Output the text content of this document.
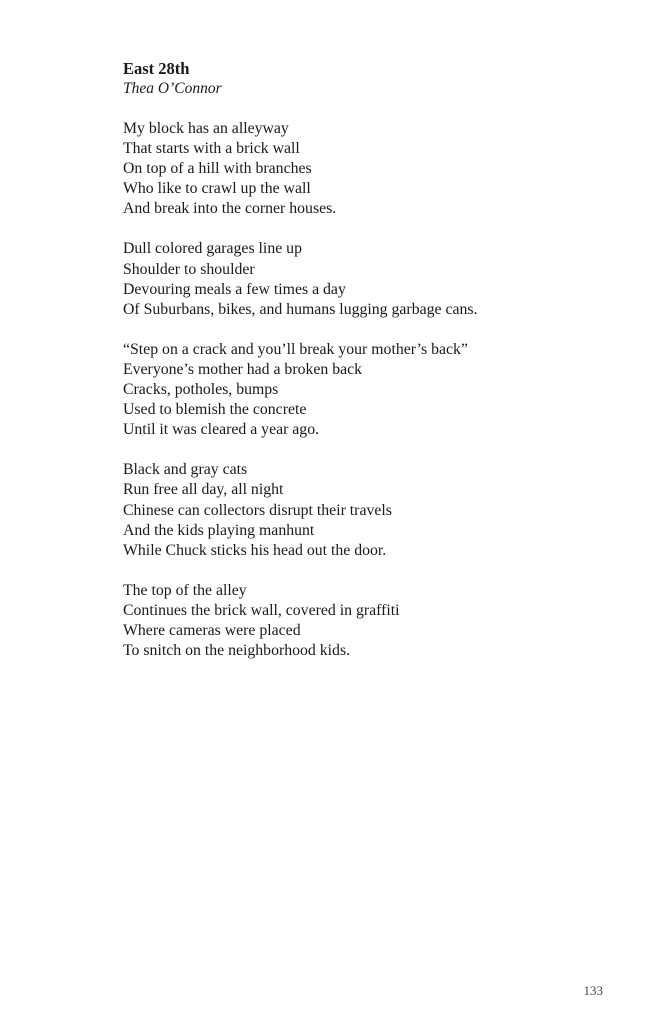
East 28th

Thea O’Connor

My block has an alleyway

That starts with a brick wall

On top of a hill with branches

Who like to crawl up the wall

And break into the corner houses.

Dull colored garages line up

Shoulder to shoulder

Devouring meals a few times a day

Of Suburbans, bikes, and humans lugging garbage cans.

“Step on a crack and you’ll break your mother’s back”

Everyone’s mother had a broken back

Cracks, potholes, bumps

Used to blemish the concrete

Until it was cleared a year ago.

Black and gray cats

Run free all day, all night

Chinese can collectors disrupt their travels

And the kids playing manhunt

While Chuck sticks his head out the door.

The top of the alley

Continues the brick wall, covered in graffiti

Where cameras were placed

To snitch on the neighborhood kids.

133
